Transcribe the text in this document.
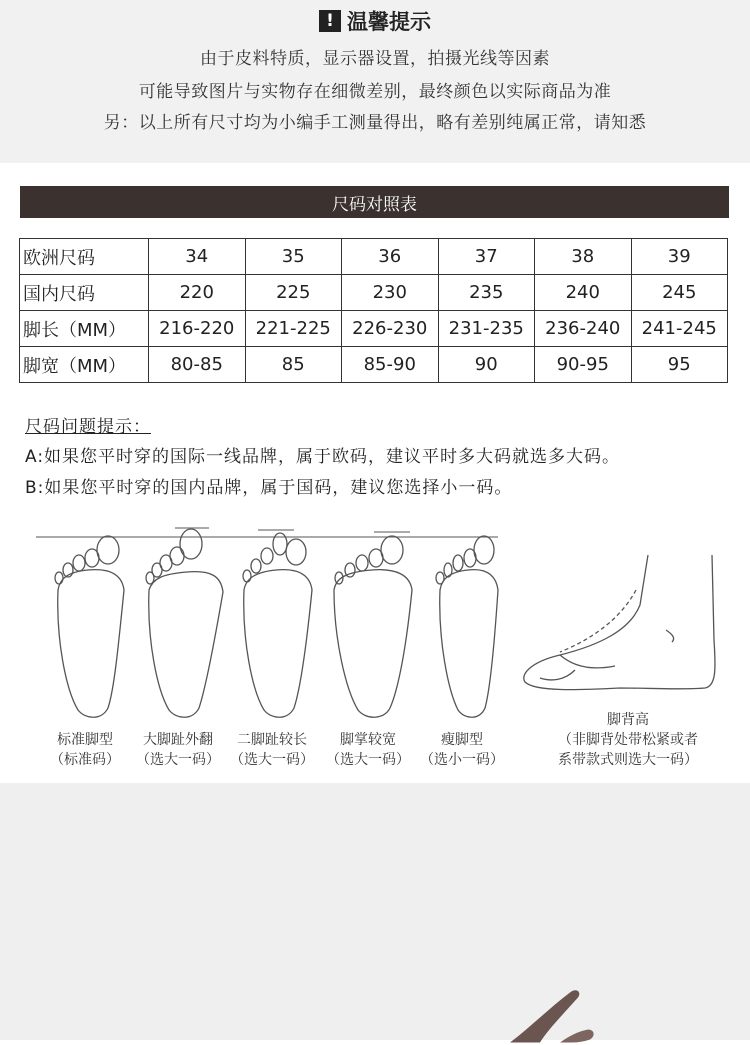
! 温馨提示
由于皮料特质，显示器设置，拍摄光线等因素
可能导致图片与实物存在细微差别，最终颜色以实际商品为准
另：以上所有尺寸均为小编手工测量得出，略有差别纯属正常，请知悉
尺码对照表
欧洲尺码	34	35	36	37	38	39
国内尺码	220	225	230	235	240	245
脚长（MM）	216-220	221-225	226-230	231-235	236-240	241-245
脚宽（MM）	80-85	85	85-90	90	90-95	95
尺码问题提示：
A:如果您平时穿的国际一线品牌，属于欧码，建议平时多大码就选多大码。
B:如果您平时穿的国内品牌，属于国码，建议您选择小一码。
标准脚型
（标准码）
大脚趾外翻
（选大一码）
二脚趾较长
（选大一码）
脚掌较宽
（选大一码）
瘦脚型
（选小一码）
脚背高
（非脚背处带松紧或者
系带款式则选大一码）
